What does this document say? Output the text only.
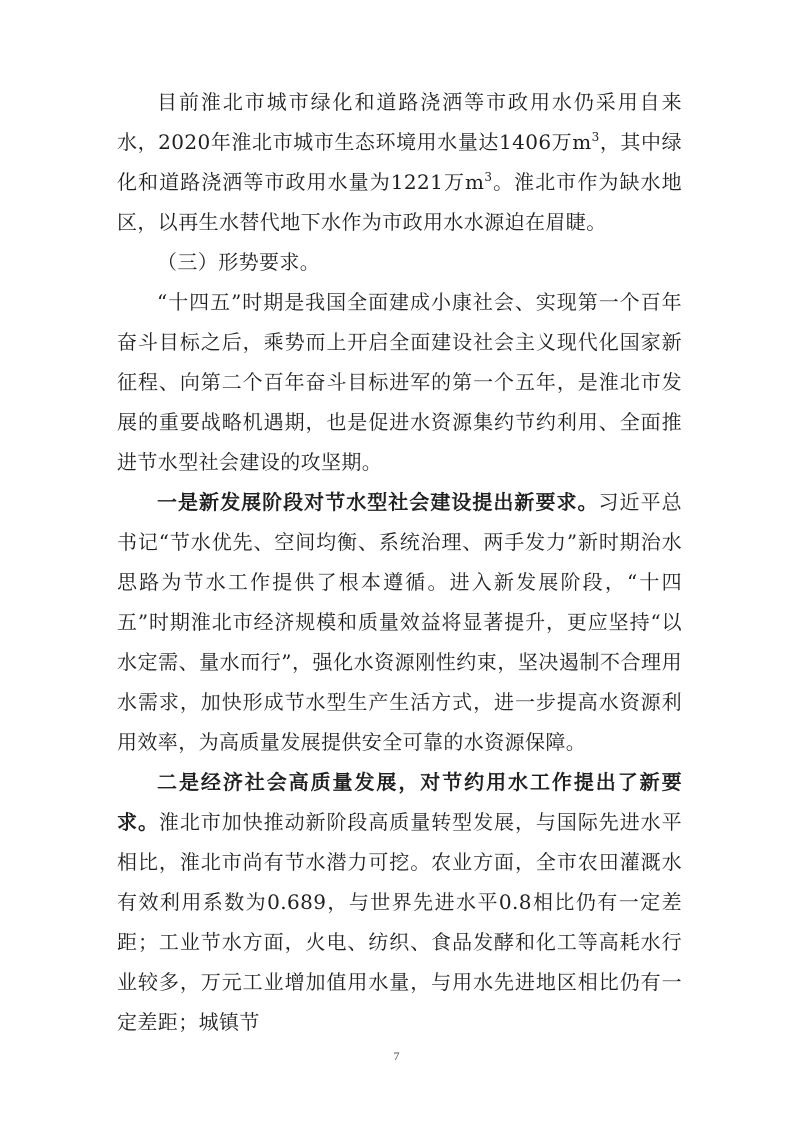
目前淮北市城市绿化和道路浇洒等市政用水仍采用自来水，2020年淮北市城市生态环境用水量达1406万$m^3$，其中绿化和道路浇洒等市政用水量为1221万$m^3$。淮北市作为缺水地区，以再生水替代地下水作为市政用水水源迫在眉睫。

（三）形势要求。

“十四五”时期是我国全面建成小康社会、实现第一个百年奋斗目标之后，乘势而上开启全面建设社会主义现代化国家新征程、向第二个百年奋斗目标进军的第一个五年，是淮北市发展的重要战略机遇期，也是促进水资源集约节约利用、全面推进节水型社会建设的攻坚期。

一是新发展阶段对节水型社会建设提出新要求。习近平总书记“节水优先、空间均衡、系统治理、两手发力”新时期治水思路为节水工作提供了根本遵循。进入新发展阶段，“十四五”时期淮北市经济规模和质量效益将显著提升，更应坚持“以水定需、量水而行”，强化水资源刚性约束，坚决遏制不合理用水需求，加快形成节水型生产生活方式，进一步提高水资源利用效率，为高质量发展提供安全可靠的水资源保障。

二是经济社会高质量发展，对节约用水工作提出了新要求。淮北市加快推动新阶段高质量转型发展，与国际先进水平相比，淮北市尚有节水潜力可挖。农业方面，全市农田灌溉水有效利用系数为0.689，与世界先进水平0.8相比仍有一定差距；工业节水方面，火电、纺织、食品发酵和化工等高耗水行业较多，万元工业增加值用水量，与用水先进地区相比仍有一定差距；城镇节

7
